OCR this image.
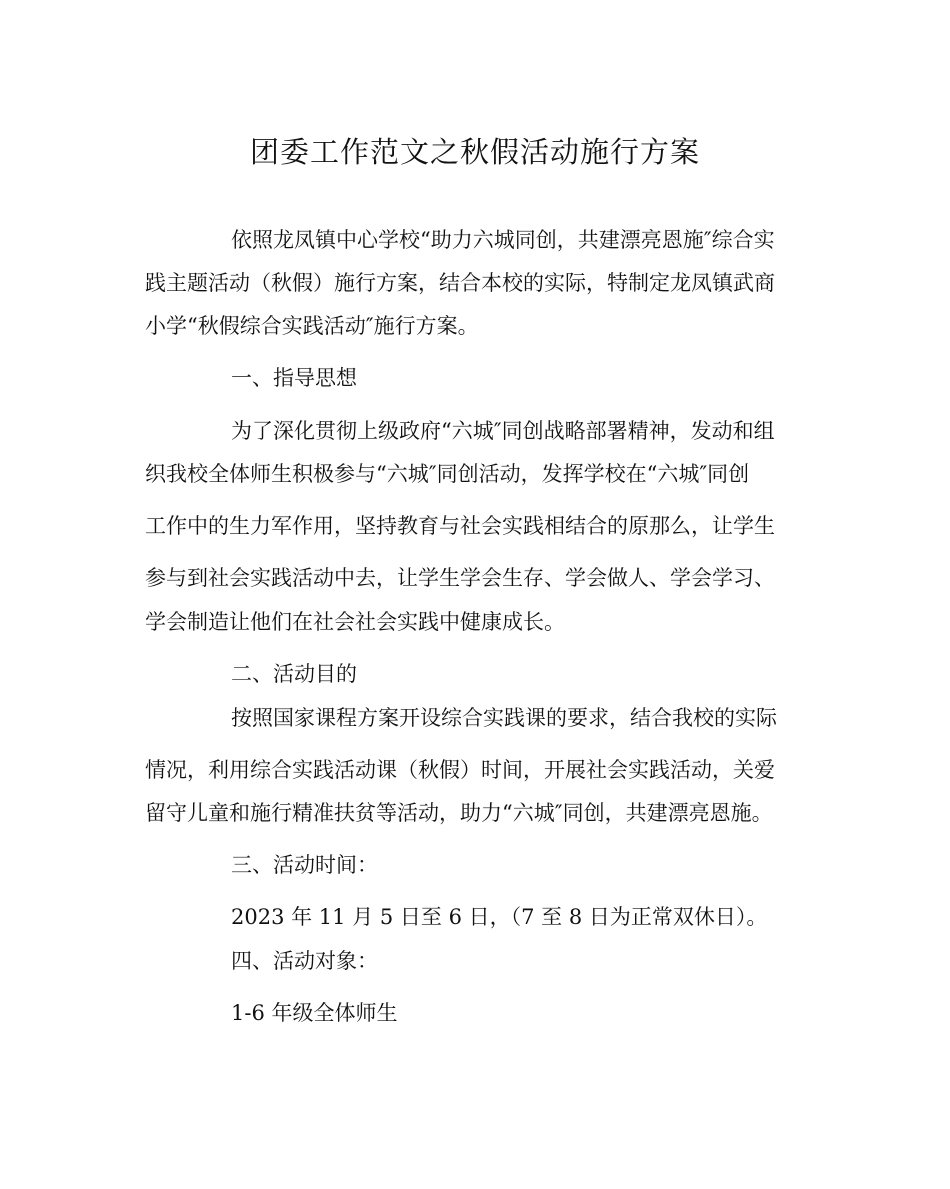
团委工作范文之秋假活动施行方案
依照龙凤镇中心学校“助力六城同创，共建漂亮恩施″综合实
践主题活动（秋假）施行方案，结合本校的实际，特制定龙凤镇武商
小学“秋假综合实践活动″施行方案。
一、指导思想
为了深化贯彻上级政府“六城″同创战略部署精神，发动和组
织我校全体师生积极参与“六城″同创活动，发挥学校在“六城″同创
工作中的生力军作用，坚持教育与社会实践相结合的原那么，让学生
参与到社会实践活动中去，让学生学会生存、学会做人、学会学习、
学会制造让他们在社会社会实践中健康成长。
二、活动目的
按照国家课程方案开设综合实践课的要求，结合我校的实际
情况，利用综合实践活动课（秋假）时间，开展社会实践活动，关爱
留守儿童和施行精准扶贫等活动，助力“六城″同创，共建漂亮恩施。
三、活动时间：
2023 年 11 月 5 日至 6 日，（7 至 8 日为正常双休日）。
四、活动对象：
1-6 年级全体师生
